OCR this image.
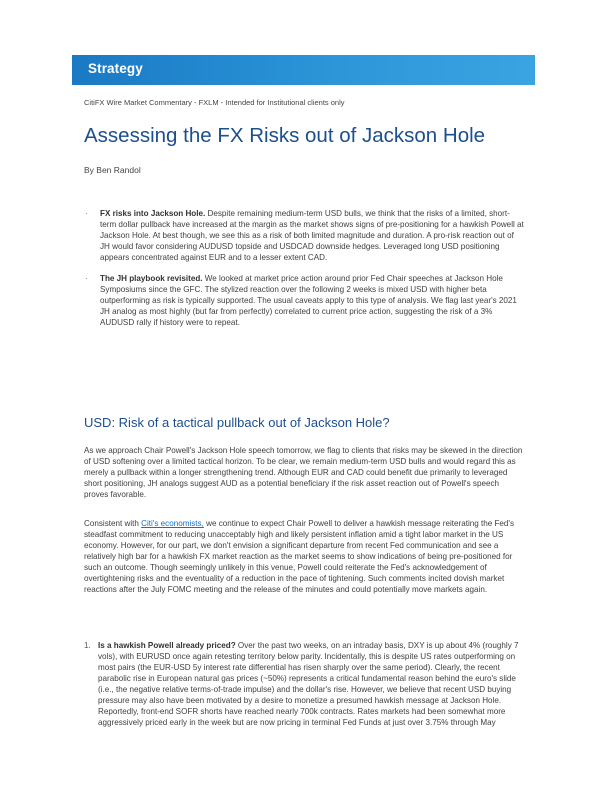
Strategy
CitiFX Wire Market Commentary - FXLM - Intended for Institutional clients only
Assessing the FX Risks out of Jackson Hole
By Ben Randol
· FX risks into Jackson Hole. Despite remaining medium-term USD bulls, we think that the risks of a limited, short-term dollar pullback have increased at the margin as the market shows signs of pre-positioning for a hawkish Powell at Jackson Hole. At best though, we see this as a risk of both limited magnitude and duration. A pro-risk reaction out of JH would favor considering AUDUSD topside and USDCAD downside hedges. Leveraged long USD positioning appears concentrated against EUR and to a lesser extent CAD.
· The JH playbook revisited. We looked at market price action around prior Fed Chair speeches at Jackson Hole Symposiums since the GFC. The stylized reaction over the following 2 weeks is mixed USD with higher beta outperforming as risk is typically supported. The usual caveats apply to this type of analysis. We flag last year's 2021 JH analog as most highly (but far from perfectly) correlated to current price action, suggesting the risk of a 3% AUDUSD rally if history were to repeat.
USD: Risk of a tactical pullback out of Jackson Hole?

As we approach Chair Powell's Jackson Hole speech tomorrow, we flag to clients that risks may be skewed in the direction of USD softening over a limited tactical horizon. To be clear, we remain medium-term USD bulls and would regard this as merely a pullback within a longer strengthening trend. Although EUR and CAD could benefit due primarily to leveraged short positioning, JH analogs suggest AUD as a potential beneficiary if the risk asset reaction out of Powell's speech proves favorable.

Consistent with Citi's economists, we continue to expect Chair Powell to deliver a hawkish message reiterating the Fed's steadfast commitment to reducing unacceptably high and likely persistent inflation amid a tight labor market in the US economy. However, for our part, we don't envision a significant departure from recent Fed communication and see a relatively high bar for a hawkish FX market reaction as the market seems to show indications of being pre-positioned for such an outcome. Though seemingly unlikely in this venue, Powell could reiterate the Fed's acknowledgement of overtightening risks and the eventuality of a reduction in the pace of tightening. Such comments incited dovish market reactions after the July FOMC meeting and the release of the minutes and could potentially move markets again.

1. Is a hawkish Powell already priced? Over the past two weeks, on an intraday basis, DXY is up about 4% (roughly 7 vols), with EURUSD once again retesting territory below parity. Incidentally, this is despite US rates outperforming on most pairs (the EUR-USD 5y interest rate differential has risen sharply over the same period). Clearly, the recent parabolic rise in European natural gas prices (~50%) represents a critical fundamental reason behind the euro's slide (i.e., the negative relative terms-of-trade impulse) and the dollar's rise. However, we believe that recent USD buying pressure may also have been motivated by a desire to monetize a presumed hawkish message at Jackson Hole. Reportedly, front-end SOFR shorts have reached nearly 700k contracts. Rates markets had been somewhat more aggressively priced early in the week but are now pricing in terminal Fed Funds at just over 3.75% through May
